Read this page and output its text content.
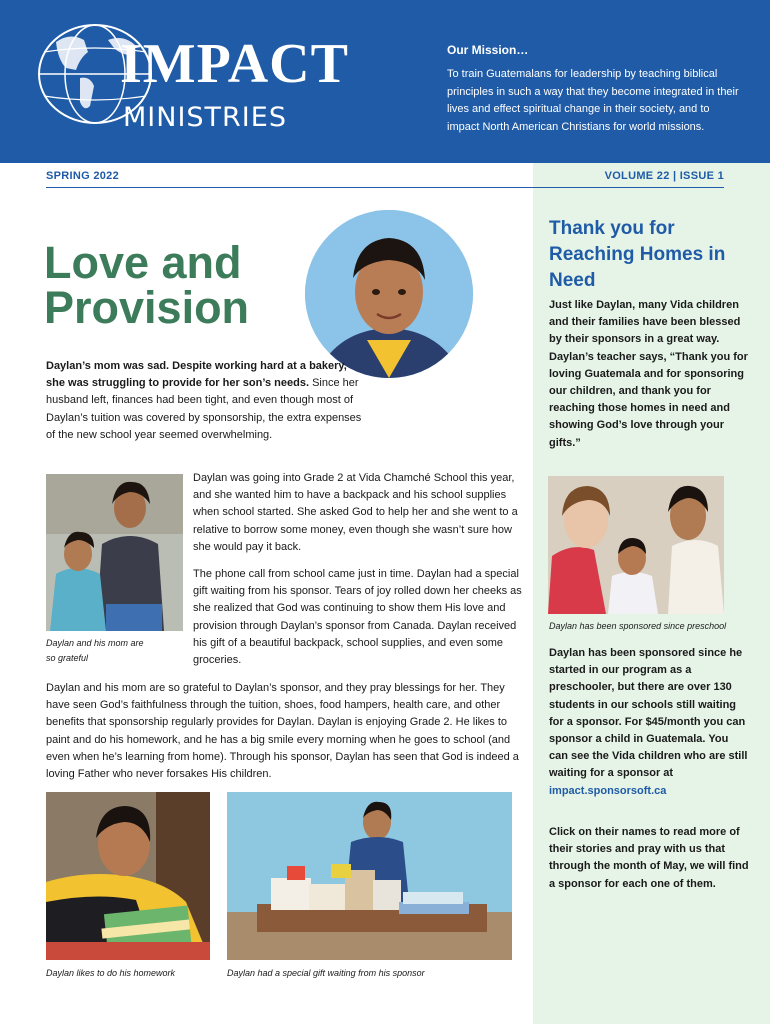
IMPACT
MINISTRIES
Our Mission…
To train Guatemalans for leadership by teaching biblical principles in such a way that they become integrated in their lives and effect spiritual change in their society, and to impact North American Christians for world missions.
SPRING 2022	VOLUME 22 | ISSUE 1
Love and
Provision
Daylan’s mom was sad. Despite working hard at a bakery, she was struggling to provide for her son’s needs. Since her husband left, finances had been tight, and even though most of Daylan’s tuition was covered by sponsorship, the extra expenses of the new school year seemed overwhelming.
Daylan and his mom are
so grateful
Daylan was going into Grade 2 at Vida Chamché School this year, and she wanted him to have a backpack and his school supplies when school started. She asked God to help her and she went to a relative to borrow some money, even though she wasn’t sure how she would pay it back.
The phone call from school came just in time. Daylan had a special gift waiting from his sponsor. Tears of joy rolled down her cheeks as she realized that God was continuing to show them His love and provision through Daylan’s sponsor from Canada. Daylan received his gift of a beautiful backpack, school supplies, and even some groceries.
Daylan and his mom are so grateful to Daylan’s sponsor, and they pray blessings for her. They have seen God’s faithfulness through the tuition, shoes, food hampers, health care, and other benefits that sponsorship regularly provides for Daylan. Daylan is enjoying Grade 2. He likes to paint and do his homework, and he has a big smile every morning when he goes to school (and even when he’s learning from home). Through his sponsor, Daylan has seen that God is indeed a loving Father who never forsakes His children.
Daylan likes to do his homework	Daylan had a special gift waiting from his sponsor
Thank you for Reaching Homes in Need
Just like Daylan, many Vida children and their families have been blessed by their sponsors in a great way. Daylan’s teacher says, “Thank you for loving Guatemala and for sponsoring our children, and thank you for reaching those homes in need and showing God’s love through your gifts.”
Daylan has been sponsored since preschool
Daylan has been sponsored since he started in our program as a preschooler, but there are over 130 students in our schools still waiting for a sponsor. For $45/month you can sponsor a child in Guatemala. You can see the Vida children who are still waiting for a sponsor at impact.sponsorsoft.ca
Click on their names to read more of their stories and pray with us that through the month of May, we will find a sponsor for each one of them.
